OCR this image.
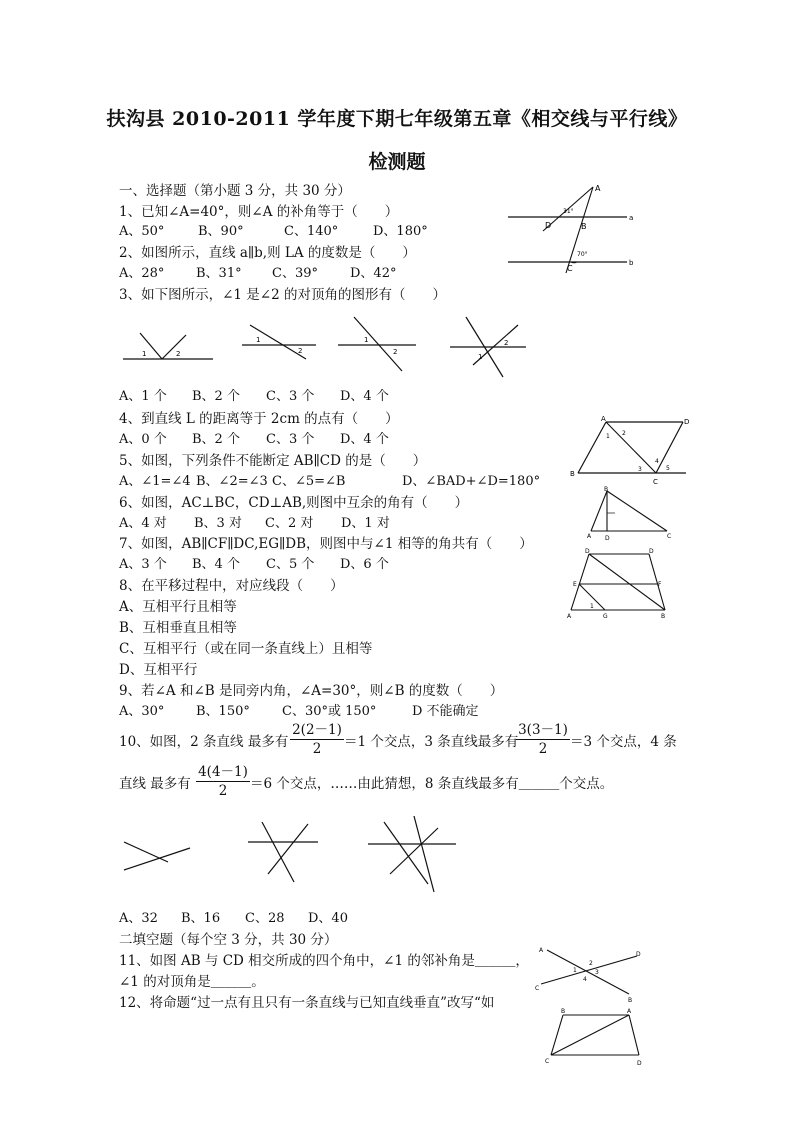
扶沟县 2010-2011 学年度下期七年级第五章《相交线与平行线》
检测题
一、选择题（第小题 3 分，共 30 分）
1、已知∠A=40°，则∠A 的补角等于（　　）
A、50°	B、90°	C、140°	D、180°
2、如图所示，直线 a∥b,则 LA 的度数是（　　）
A、28° B、31° C、39° D、42°
3、如下图所示，∠1 是∠2 的对顶角的图形有（　　）
A、1 个 B、2 个 C、3 个 D、4 个
4、到直线 L 的距离等于 2cm 的点有（　　）
A、0 个 B、2 个 C、3 个 D、4 个
5、如图，下列条件不能断定 AB∥CD 的是（　　）
A、∠1=∠4 B、∠2=∠3 C、∠5=∠B	D、∠BAD+∠D=180°
6、如图，AC⊥BC，CD⊥AB,则图中互余的角有（　　）
A、4 对 B、3 对 C、2 对 D、1 对
7、如图，AB∥CF∥DC,EG∥DB，则图中与∠1 相等的角共有（　　）
A、3 个 B、4 个 C、5 个 D、6 个
8、在平移过程中，对应线段（　　）
A、互相平行且相等
B、互相垂直且相等
C、互相平行（或在同一条直线上）且相等
D、互相平行
9、若∠A 和∠B 是同旁内角，∠A=30°，则∠B 的度数（　　）
A、30° B、150° C、30°或 150°	D 不能确定
10、如图，2 条直线 最多有
2(2－1)
2	＝1 个交点，3 条直线最多有
3(3－1)
2	＝3 个交点，4 条
直线 最多有
4(4－1)
2	＝6 个交点，……由此猜想，8 条直线最多有＿＿＿个交点。
A、32 B、16 C、28 D、40
二填空题（每个空 3 分，共 30 分）
11、如图 AB 与 CD 相交所成的四个角中，∠1 的邻补角是＿＿＿，
∠1 的对顶角是＿＿＿。
12、将命题“过一点有且只有一条直线与已知直线垂直”改写“如
A
D	B
C
a
b
31°
70°
1	2
1
2
1
2
1
2
A	D
B
C
1 2
3
4
5
B
A D	C
D	D
E	F
A	G	B
1
A
B
C
D
1
2
3
4
B	A
C	D
